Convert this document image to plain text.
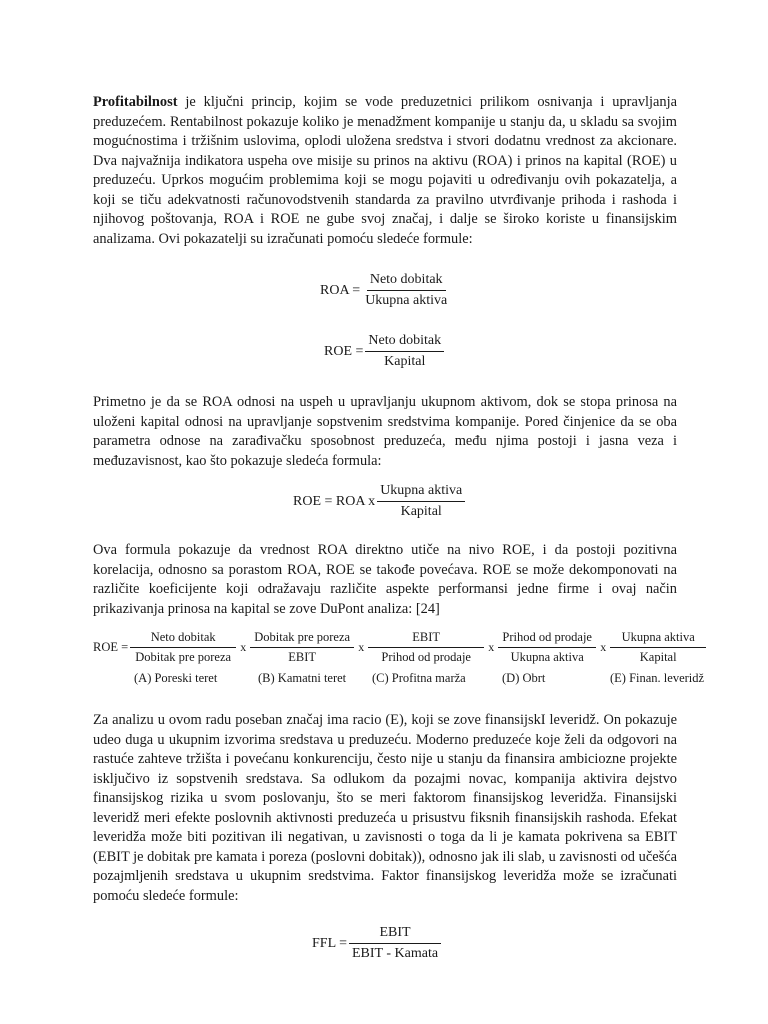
Profitabilnost je ključni princip, kojim se vode preduzetnici prilikom osnivanja i upravljanja preduzećem. Rentabilnost pokazuje koliko je menadžment kompanije u stanju da, u skladu sa svojim mogućnostima i tržišnim uslovima, oplodi uložena sredstva i stvori dodatnu vrednost za akcionare. Dva najvažnija indikatora uspeha ove misije su prinos na aktivu (ROA) i prinos na kapital (ROE) u preduzeću. Uprkos mogućim problemima koji se mogu pojaviti u određivanju ovih pokazatelja, a koji se tiču adekvatnosti računovodstvenih standarda za pravilno utvrđivanje prihoda i rashoda i njihovog poštovanja, ROA i ROE ne gube svoj značaj, i dalje se široko koriste u finansijskim analizama. Ovi pokazatelji su izračunati pomoću sledeće formule:

ROA = $\frac{\text{Neto dobitak}}{\text{Ukupna aktiva}}$
ROE = $\frac{\text{Neto dobitak}}{\text{Kapital}}$

Primetno je da se ROA odnosi na uspeh u upravljanju ukupnom aktivom, dok se stopa prinosa na uloženi kapital odnosi na upravljanje sopstvenim sredstvima kompanije. Pored činjenice da se oba parametra odnose na zarađivačku sposobnost preduzeća, među njima postoji i jasna veza i međuzavisnost, kao što pokazuje sledeća formula:

ROE = ROA x $\frac{\text{Ukupna aktiva}}{\text{Kapital}}$

Ova formula pokazuje da vrednost ROA direktno utiče na nivo ROE, i da postoji pozitivna korelacija, odnosno sa porastom ROA, ROE se takođe povećava. ROE se može dekomponovati na različite koeficijente koji odražavaju različite aspekte performansi jedne firme i ovaj način prikazivanja prinosa na kapital se zove DuPont analiza: [24]

ROE = $\frac{\text{Neto dobitak}}{\text{Dobitak pre poreza}}$ x $\frac{\text{Dobitak pre poreza}}{\text{EBIT}}$ x $\frac{\text{EBIT}}{\text{Prihod od prodaje}}$ x $\frac{\text{Prihod od prodaje}}{\text{Ukupna aktiva}}$ x $\frac{\text{Ukupna aktiva}}{\text{Kapital}}$
(A) Poreski teret	(B) Kamatni teret (C) Profitna marža	(D) Obrt	(E) Finan. leveridž

Za analizu u ovom radu poseban značaj ima racio (E), koji se zove finansijskI leveridž. On pokazuje udeo duga u ukupnim izvorima sredstava u preduzeću. Moderno preduzeće koje želi da odgovori na rastuće zahteve tržišta i povećanu konkurenciju, često nije u stanju da finansira ambiciozne projekte isključivo iz sopstvenih sredstava. Sa odlukom da pozajmi novac, kompanija aktivira dejstvo finansijskog rizika u svom poslovanju, što se meri faktorom finansijskog leveridža. Finansijski leveridž meri efekte poslovnih aktivnosti preduzeća u prisustvu fiksnih finansijskih rashoda. Efekat leveridža može biti pozitivan ili negativan, u zavisnosti o toga da li je kamata pokrivena sa EBIT (EBIT je dobitak pre kamata i poreza (poslovni dobitak)), odnosno jak ili slab, u zavisnosti od učešća pozajmljenih sredstava u ukupnim sredstvima. Faktor finansijskog leveridža može se izračunati pomoću sledeće formule:

FFL = $\frac{\text{EBIT}}{\text{EBIT - Kamata}}$
